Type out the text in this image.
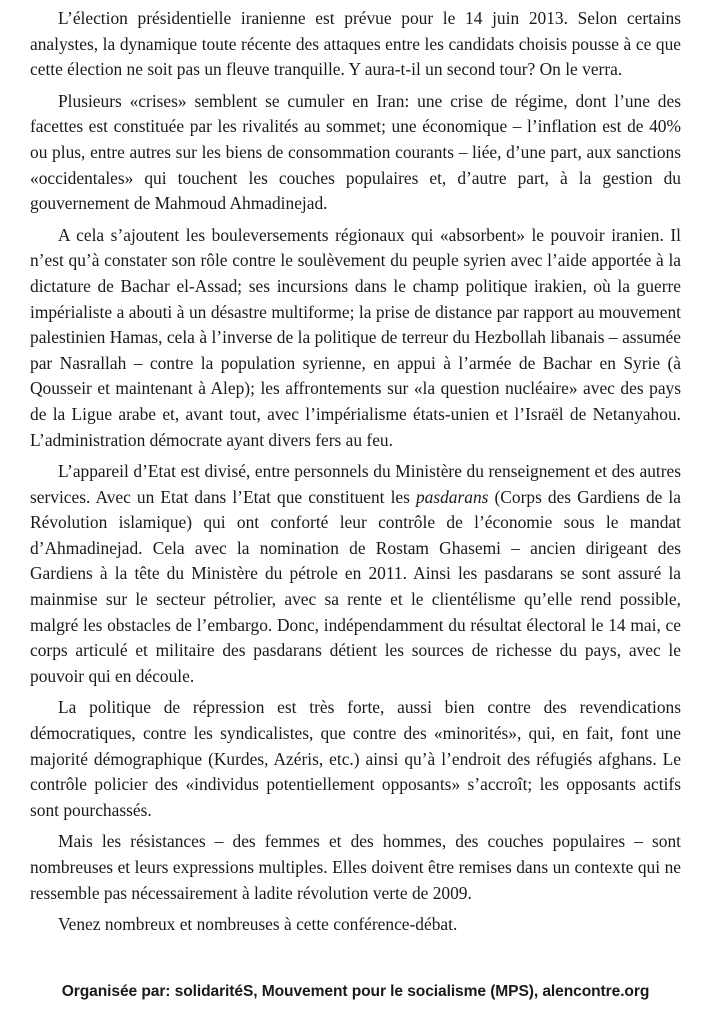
L’élection présidentielle iranienne est prévue pour le 14 juin 2013. Selon certains analystes, la dynamique toute récente des attaques entre les candidats choisis pousse à ce que cette élection ne soit pas un fleuve tranquille. Y aura-t-il un second tour? On le verra.

Plusieurs «crises» semblent se cumuler en Iran: une crise de régime, dont l’une des facettes est constituée par les rivalités au sommet; une économique – l’inflation est de 40% ou plus, entre autres sur les biens de consommation courants – liée, d’une part, aux sanctions «occidentales» qui touchent les couches populaires et, d’autre part, à la gestion du gouvernement de Mahmoud Ahmadinejad.

A cela s’ajoutent les bouleversements régionaux qui «absorbent» le pouvoir iranien. Il n’est qu’à constater son rôle contre le soulèvement du peuple syrien avec l’aide apportée à la dictature de Bachar el-Assad; ses incursions dans le champ politique irakien, où la guerre impérialiste a abouti à un désastre multiforme; la prise de distance par rapport au mouvement palestinien Hamas, cela à l’inverse de la politique de terreur du Hezbollah libanais – assumée par Nasrallah – contre la population syrienne, en appui à l’armée de Bachar en Syrie (à Qousseir et maintenant à Alep); les affrontements sur «la question nucléaire» avec des pays de la Ligue arabe et, avant tout, avec l’impérialisme états-unien et l’Israël de Netanyahou. L’administration démocrate ayant divers fers au feu.

L’appareil d’Etat est divisé, entre personnels du Ministère du renseignement et des autres services. Avec un Etat dans l’Etat que constituent les pasdarans (Corps des Gardiens de la Révolution islamique) qui ont conforté leur contrôle de l’économie sous le mandat d’Ahmadinejad. Cela avec la nomination de Rostam Ghasemi – ancien dirigeant des Gardiens à la tête du Ministère du pétrole en 2011. Ainsi les pasdarans se sont assuré la mainmise sur le secteur pétrolier, avec sa rente et le clientélisme qu’elle rend possible, malgré les obstacles de l’embargo. Donc, indépendamment du résultat électoral le 14 mai, ce corps articulé et militaire des pasdarans détient les sources de richesse du pays, avec le pouvoir qui en découle.

La politique de répression est très forte, aussi bien contre des revendications démocratiques, contre les syndicalistes, que contre des «minorités», qui, en fait, font une majorité démographique (Kurdes, Azéris, etc.) ainsi qu’à l’endroit des réfugiés afghans. Le contrôle policier des «individus potentiellement opposants» s’accroît; les opposants actifs sont pourchassés.

Mais les résistances – des femmes et des hommes, des couches populaires – sont nombreuses et leurs expressions multiples. Elles doivent être remises dans un contexte qui ne ressemble pas nécessairement à ladite révolution verte de 2009.

Venez nombreux et nombreuses à cette conférence-débat.

Organisée par: solidaritéS, Mouvement pour le socialisme (MPS), alencontre.org
